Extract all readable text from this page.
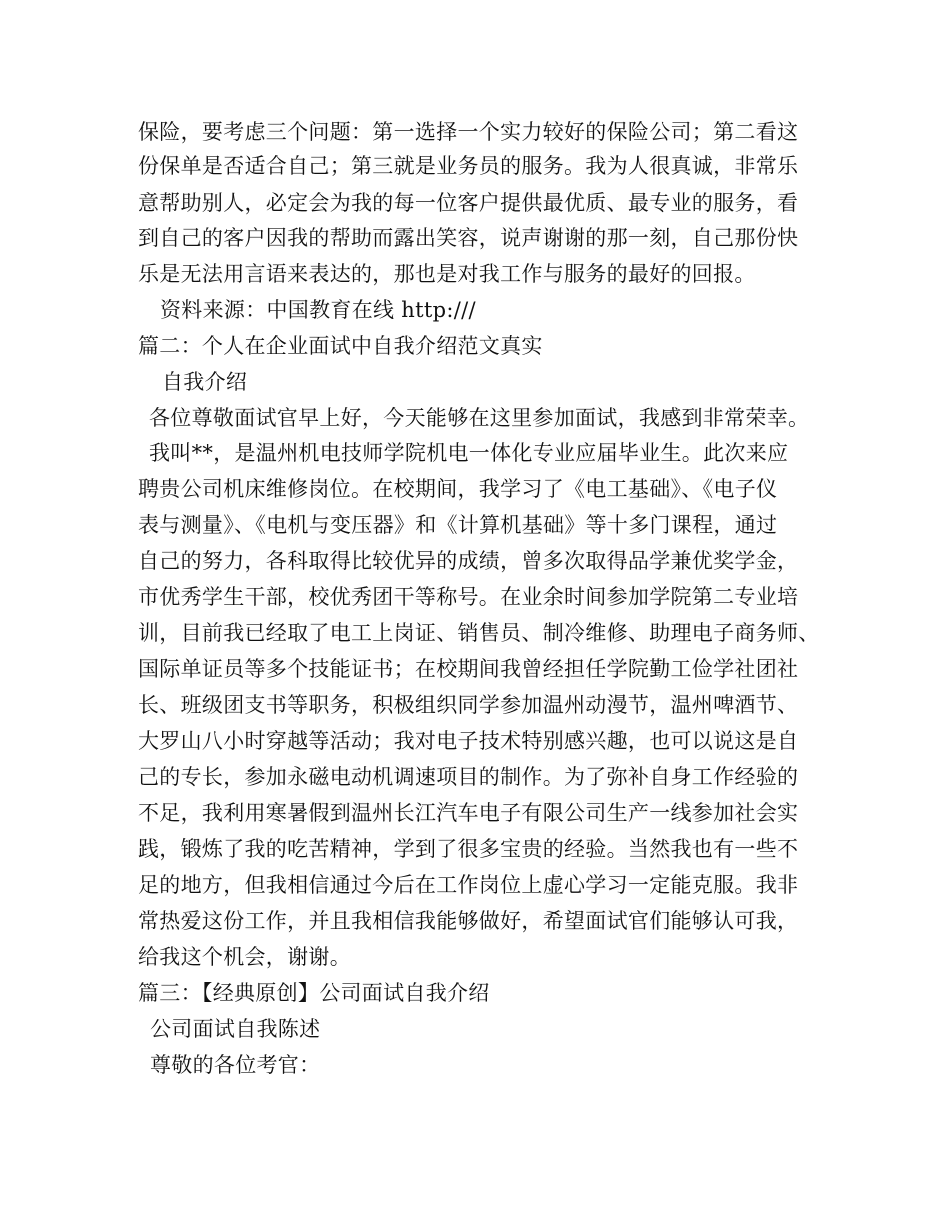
保险，要考虑三个问题：第一选择一个实力较好的保险公司；第二看这
份保单是否适合自己；第三就是业务员的服务。我为人很真诚，非常乐
意帮助别人，必定会为我的每一位客户提供最优质、最专业的服务，看
到自己的客户因我的帮助而露出笑容，说声谢谢的那一刻，自己那份快
乐是无法用言语来表达的，那也是对我工作与服务的最好的回报。
资料来源：中国教育在线 http:///
篇二：个人在企业面试中自我介绍范文真实
自我介绍
各位尊敬面试官早上好，今天能够在这里参加面试，我感到非常荣幸。
我叫**，是温州机电技师学院机电一体化专业应届毕业生。此次来应
聘贵公司机床维修岗位。在校期间，我学习了《电工基础》、《电子仪
表与测量》、《电机与变压器》和《计算机基础》等十多门课程，通过
自己的努力，各科取得比较优异的成绩，曾多次取得品学兼优奖学金，
市优秀学生干部，校优秀团干等称号。在业余时间参加学院第二专业培
训，目前我已经取了电工上岗证、销售员、制冷维修、助理电子商务师、
国际单证员等多个技能证书；在校期间我曾经担任学院勤工俭学社团社
长、班级团支书等职务，积极组织同学参加温州动漫节，温州啤酒节、
大罗山八小时穿越等活动；我对电子技术特别感兴趣，也可以说这是自
己的专长，参加永磁电动机调速项目的制作。为了弥补自身工作经验的
不足，我利用寒暑假到温州长江汽车电子有限公司生产一线参加社会实
践，锻炼了我的吃苦精神，学到了很多宝贵的经验。当然我也有一些不
足的地方，但我相信通过今后在工作岗位上虚心学习一定能克服。我非
常热爱这份工作，并且我相信我能够做好，希望面试官们能够认可我，
给我这个机会，谢谢。
篇三：【经典原创】公司面试自我介绍
公司面试自我陈述
尊敬的各位考官：
